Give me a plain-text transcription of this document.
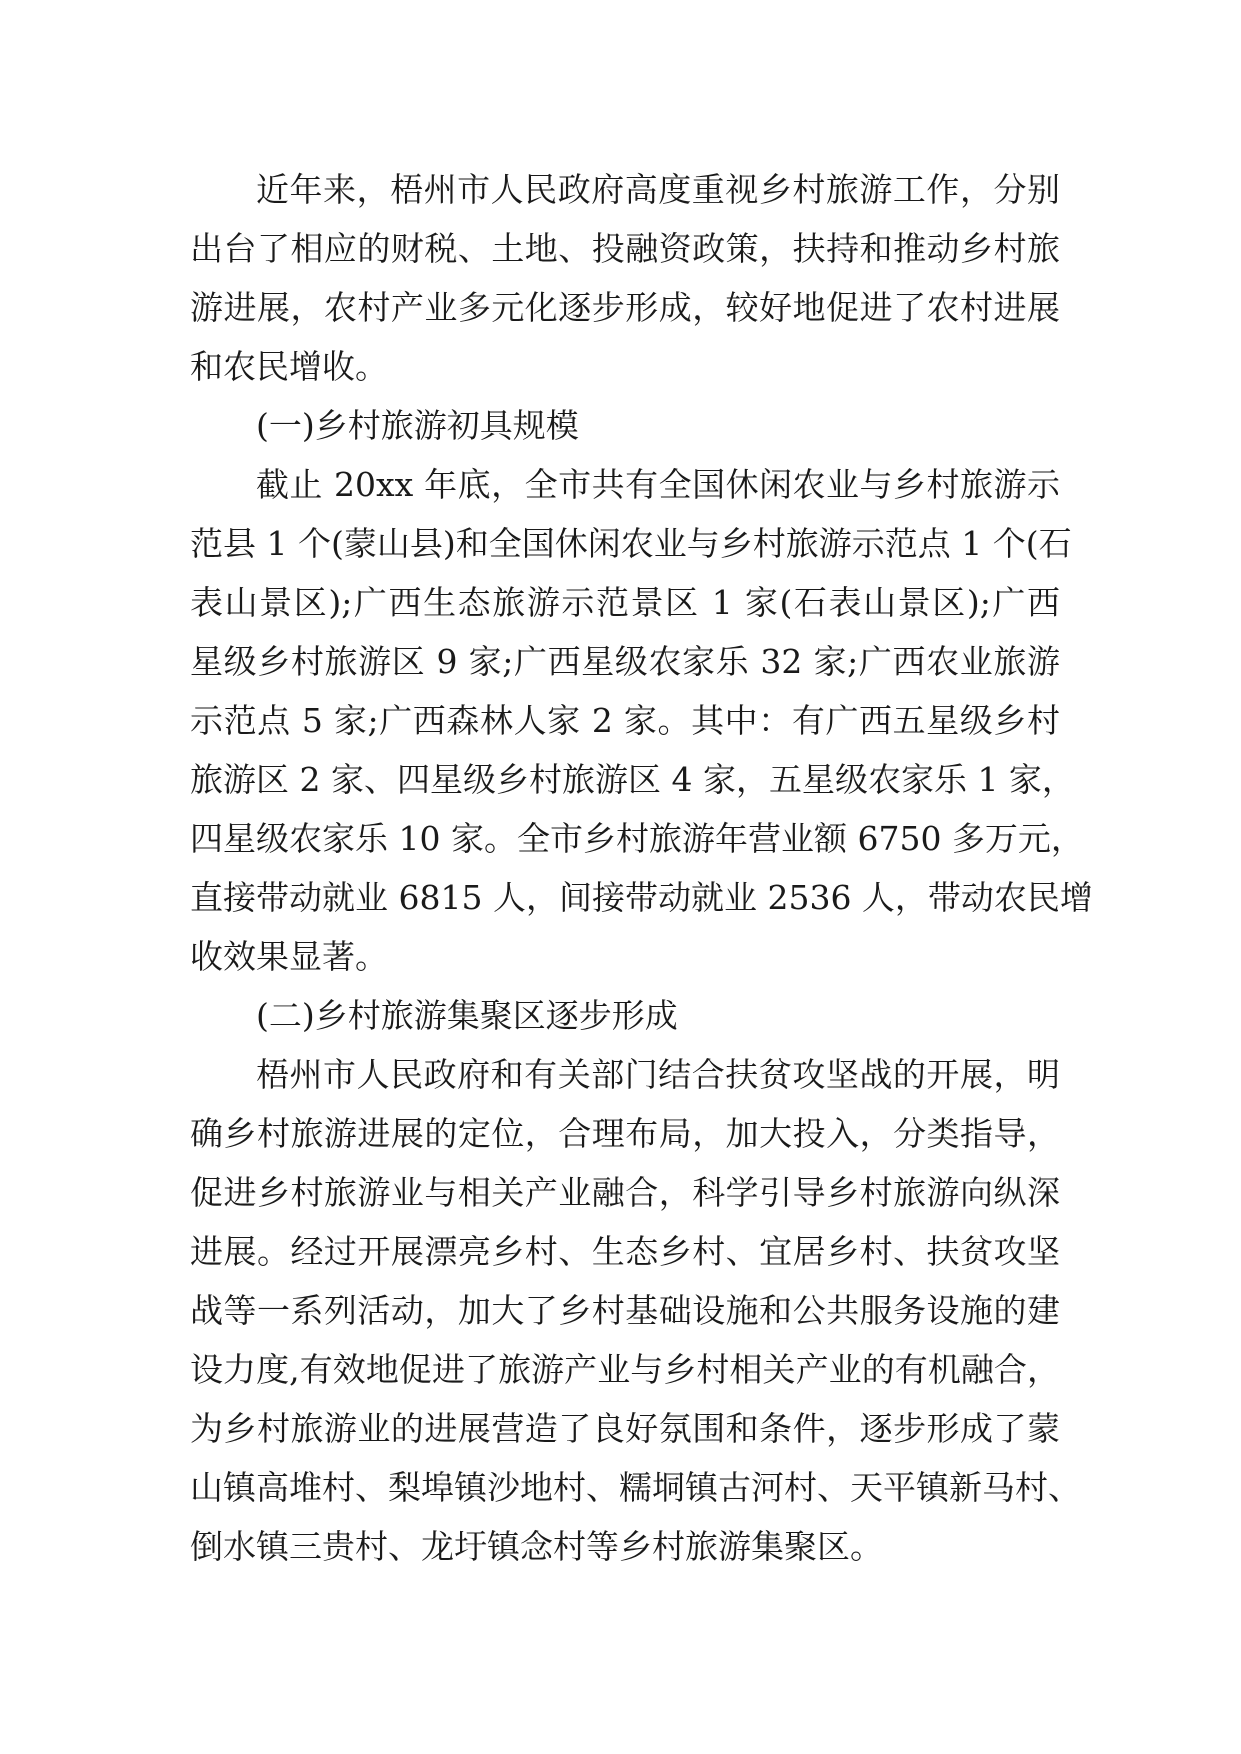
近年来，梧州市人民政府高度重视乡村旅游工作，分别
出台了相应的财税、土地、投融资政策，扶持和推动乡村旅
游进展，农村产业多元化逐步形成，较好地促进了农村进展
和农民增收。
(一)乡村旅游初具规模
截止 20xx 年底，全市共有全国休闲农业与乡村旅游示
范县 1 个(蒙山县)和全国休闲农业与乡村旅游示范点 1 个(石
表山景区);广西生态旅游示范景区 1 家(石表山景区);广西
星级乡村旅游区 9 家;广西星级农家乐 32 家;广西农业旅游
示范点 5 家;广西森林人家 2 家。其中：有广西五星级乡村
旅游区 2 家、四星级乡村旅游区 4 家，五星级农家乐 1 家，
四星级农家乐 10 家。全市乡村旅游年营业额 6750 多万元，
直接带动就业 6815 人，间接带动就业 2536 人，带动农民增
收效果显著。
(二)乡村旅游集聚区逐步形成
梧州市人民政府和有关部门结合扶贫攻坚战的开展，明
确乡村旅游进展的定位，合理布局，加大投入，分类指导，
促进乡村旅游业与相关产业融合，科学引导乡村旅游向纵深
进展。经过开展漂亮乡村、生态乡村、宜居乡村、扶贫攻坚
战等一系列活动，加大了乡村基础设施和公共服务设施的建
设力度,有效地促进了旅游产业与乡村相关产业的有机融合，
为乡村旅游业的进展营造了良好氛围和条件，逐步形成了蒙
山镇高堆村、梨埠镇沙地村、糯垌镇古河村、天平镇新马村、
倒水镇三贵村、龙圩镇念村等乡村旅游集聚区。
